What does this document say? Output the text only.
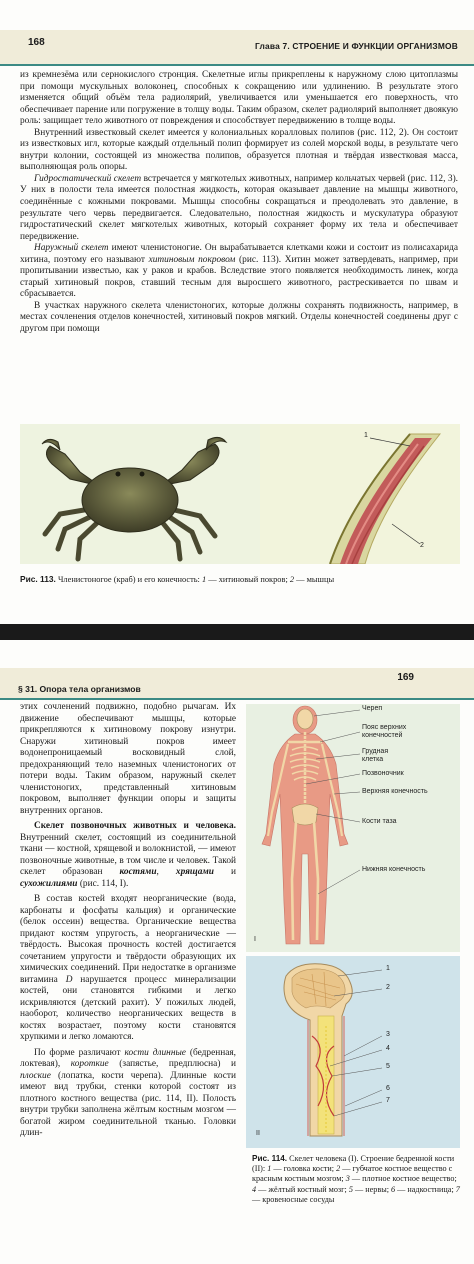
168	Глава 7. СТРОЕНИЕ И ФУНКЦИИ ОРГАНИЗМОВ

из кремнезёма или сернокислого стронция. Скелетные иглы прикреплены к наружному слою цитоплазмы при помощи мускульных волоконец, способных к сокращению или удлинению. В результате этого изменяется общий объём тела радиолярий, увеличивается или уменьшается его поверхность, что обеспечивает парение или погружение в толщу воды. Таким образом, скелет радиолярий выполняет двоякую роль: защищает тело животного от повреждения и способствует передвижению в толще воды.

Внутренний известковый скелет имеется у колониальных коралловых полипов (рис. 112, 2). Он состоит из известковых игл, которые каждый отдельный полип формирует из солей морской воды, в результате чего внутри колонии, состоящей из множества полипов, образуется плотная и твёрдая известковая масса, выполняющая роль опоры.

Гидростатический скелет встречается у мягкотелых животных, например кольчатых червей (рис. 112, 3). У них в полости тела имеется полостная жидкость, которая оказывает давление на мышцы животного, соединённые с кожными покровами. Мышцы способны сокращаться и преодолевать это давление, в результате чего червь передвигается. Следовательно, полостная жидкость и мускулатура образуют гидростатический скелет мягкотелых животных, который сохраняет форму их тела и обеспечивает передвижение.

Наружный скелет имеют членистоногие. Он вырабатывается клетками кожи и состоит из полисахарида хитина, поэтому его называют хитиновым покровом (рис. 113). Хитин может затвердевать, например, при пропитывании известью, как у раков и крабов. Вследствие этого появляется необходимость линек, когда старый хитиновый покров, ставший тесным для выросшего животного, растрескивается по швам и сбрасывается.

В участках наружного скелета членистоногих, которые должны сохранять подвижность, например, в местах сочленения отделов конечностей, хитиновый покров мягкий. Отделы конечностей соединены друг с другом при помощи

1
2
Рис. 113. Членистоногое (краб) и его конечность: 1 — хитиновый покров; 2 — мышцы
§ 31. Опора тела организмов
169

этих сочленений подвижно, подобно рычагам. Их движение обеспечивают мышцы, которые прикрепляются к хитиновому покрову изнутри. Снаружи хитиновый покров имеет водонепроницаемый восковидный слой, предохраняющий тело наземных членистоногих от потери воды. Таким образом, наружный скелет членистоногих, представленный хитиновым покровом, выполняет функции опоры и защиты внутренних органов.

Скелет позвоночных животных и человека. Внутренний скелет, состоящий из соединительной ткани — костной, хрящевой и волокнистой, — имеют позвоночные животные, в том числе и человек. Такой скелет образован костями, хрящами и сухожилиями (рис. 114, I).

В состав костей входят неорганические (вода, карбонаты и фосфаты кальция) и органические (белок оссеин) вещества. Органические вещества придают костям упругость, а неорганические — твёрдость. Высокая прочность костей достигается сочетанием упругости и твёрдости образующих их химических соединений. При недостатке в организме витамина D нарушается процесс минерализации костей, они становятся гибкими и легко искривляются (детский рахит). У пожилых людей, наоборот, количество неорганических веществ в костях возрастает, поэтому кости становятся хрупкими и легко ломаются.

По форме различают кости длинные (бедренная, локтевая), короткие (запястье, предплюсна) и плоские (лопатка, кости черепа). Длинные кости имеют вид трубки, стенки которой состоят из плотного костного вещества (рис. 114, II). Полость внутри трубки заполнена жёлтым костным мозгом — богатой жиром соединительной тканью. Головки длин-

Череп
Пояс верхних конечностей
Грудная клетка
Позвоночник
Верхняя конечность
Кости таза
Нижняя конечность
I
1
2
3
4
5
6
7
II
Рис. 114. Скелет человека (I). Строение бедренной кости (II): 1 — головка кости; 2 — губчатое костное вещество с красным костным мозгом; 3 — плотное костное вещество; 4 — жёлтый костный мозг; 5 — нервы; 6 — надкостница; 7 — кровеносные сосуды
